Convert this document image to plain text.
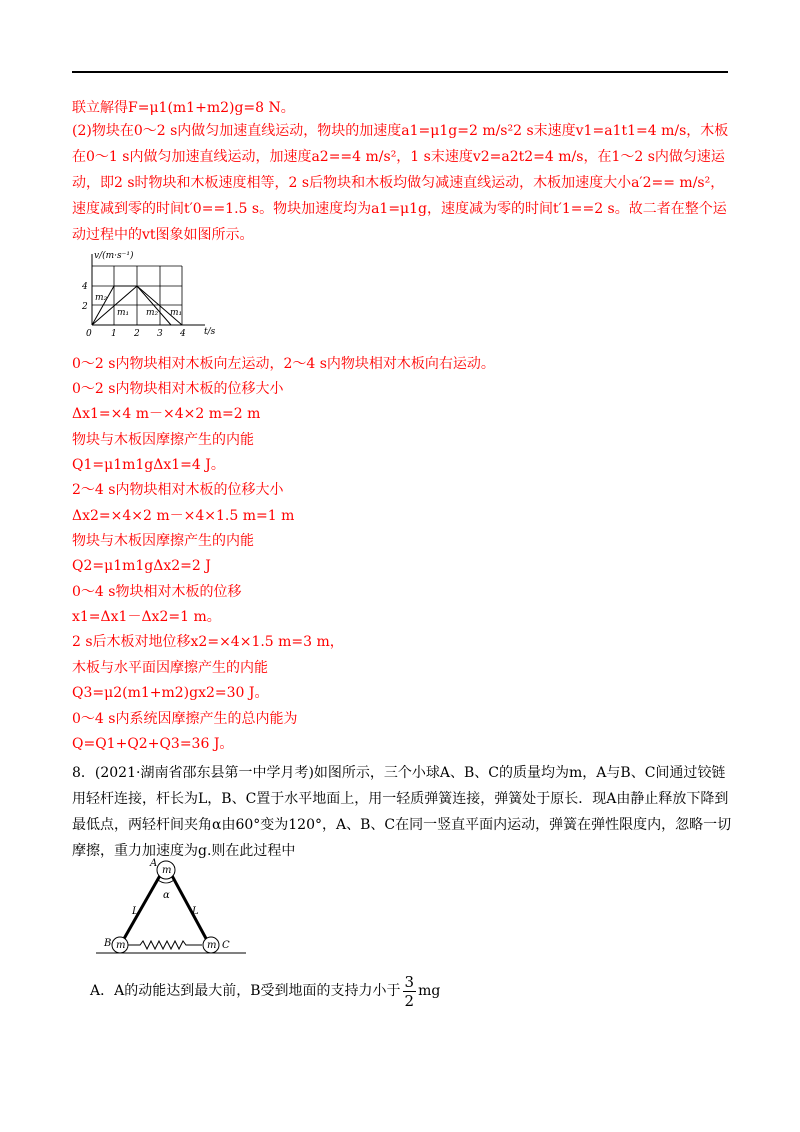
联立解得F=μ1(m1+m2)g=8 N。
(2)物块在0～2 s内做匀加速直线运动，物块的加速度a1=μ1g=2 m/s²2 s末速度v1=a1t1=4 m/s，木板在0～1 s内做匀加速直线运动，加速度a2==4 m/s²，1 s末速度v2=a2t2=4 m/s，在1～2 s内做匀速运动，即2 s时物块和木板速度相等，2 s后物块和木板均做匀减速直线运动，木板加速度大小a′2== m/s²，速度减到零的时间t′0==1.5 s。物块加速度均为a1=μ1g，速度减为零的时间t′1==2 s。故二者在整个运动过程中的vt图象如图所示。
v/(m·s⁻¹)
t/s
4
2
0 1 2 3 4
m₂
m₁ m₂ m₁
0～2 s内物块相对木板向左运动，2～4 s内物块相对木板向右运动。
0～2 s内物块相对木板的位移大小
Δx1=×4 m－×4×2 m=2 m
物块与木板因摩擦产生的内能
Q1=μ1m1gΔx1=4 J。
2～4 s内物块相对木板的位移大小
Δx2=×4×2 m－×4×1.5 m=1 m
物块与木板因摩擦产生的内能
Q2=μ1m1gΔx2=2 J
0～4 s物块相对木板的位移
x1=Δx1－Δx2=1 m。
2 s后木板对地位移x2=×4×1.5 m=3 m，
木板与水平面因摩擦产生的内能
Q3=μ2(m1+m2)gx2=30 J。
0～4 s内系统因摩擦产生的总内能为
Q=Q1+Q2+Q3=36 J。
8．(2021·湖南省邵东县第一中学月考)如图所示，三个小球A、B、C的质量均为m，A与B、C间通过铰链用轻杆连接，杆长为L，B、C置于水平地面上，用一轻质弹簧连接，弹簧处于原长．现A由静止释放下降到最低点，两轻杆间夹角α由60°变为120°，A、B、C在同一竖直平面内运动，弹簧在弹性限度内，忽略一切摩擦，重力加速度为g.则在此过程中
A
B	C
m
m	m
L	L
α
A．A的动能达到最大前，B受到地面的支持力小于 $\frac{3}{2}$ mg
